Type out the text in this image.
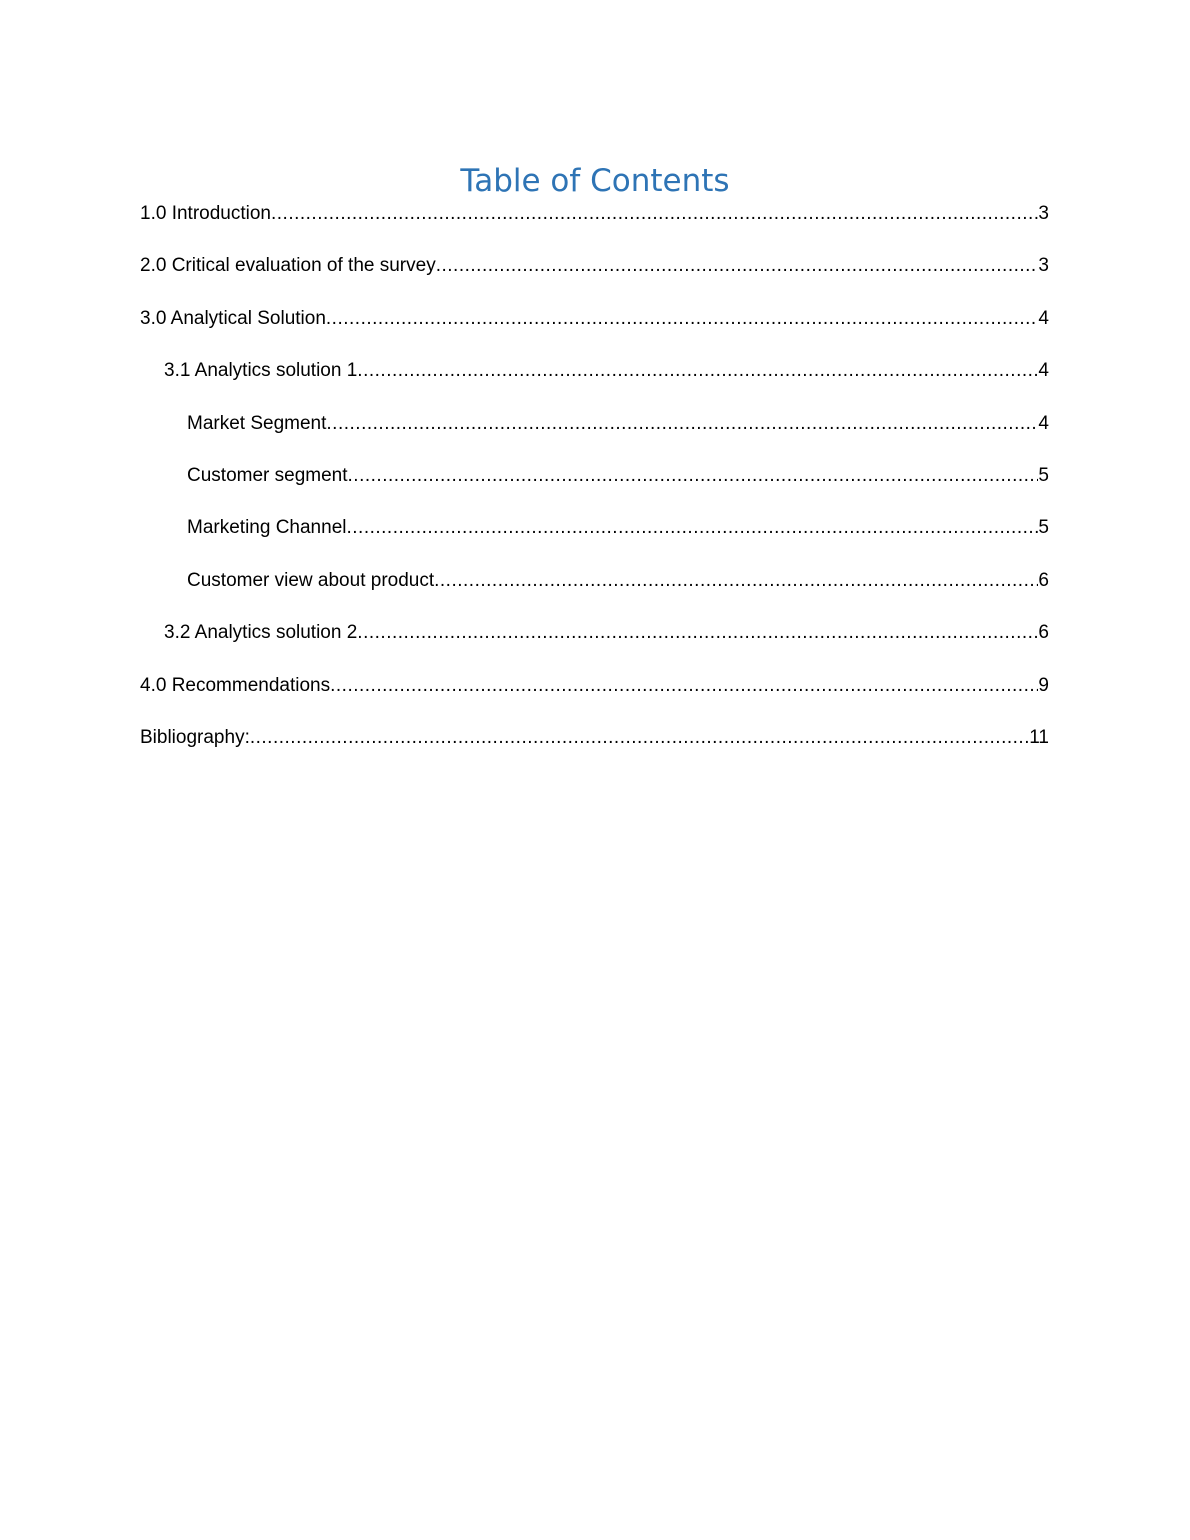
Table of Contents
1.0 Introduction .....	3
2.0 Critical evaluation of the survey .....	3
3.0 Analytical Solution .....	4
3.1 Analytics solution 1 .....	4
Market Segment .....	4
Customer segment .....	5
Marketing Channel .....	5
Customer view about product .....	6
3.2 Analytics solution 2 .....	6
4.0 Recommendations .....	9
Bibliography: .....	11
